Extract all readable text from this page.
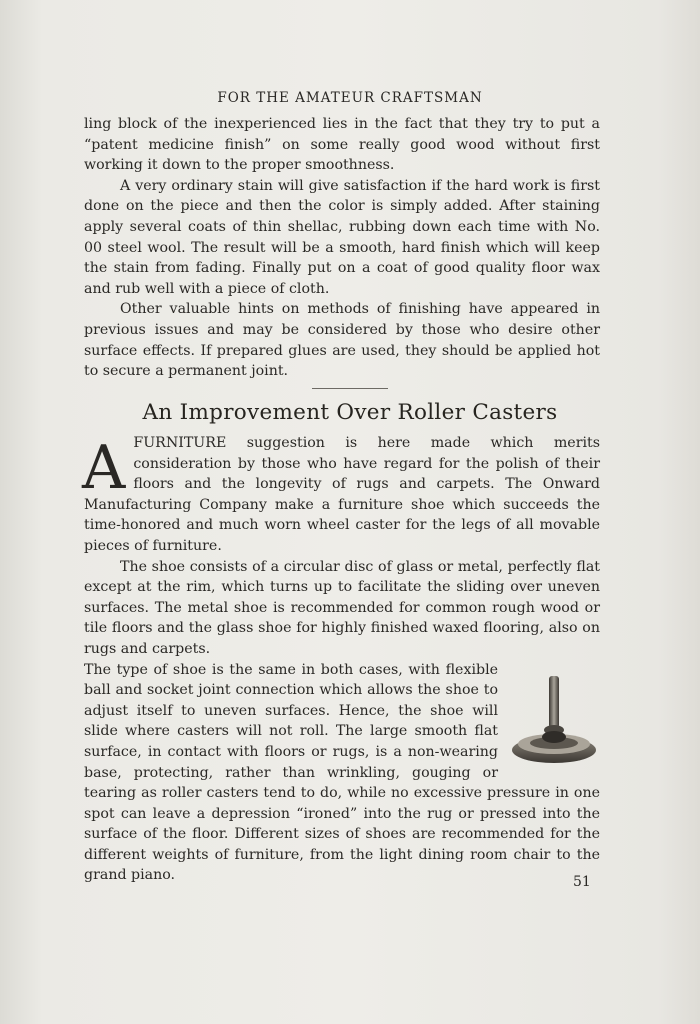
FOR THE AMATEUR CRAFTSMAN

ling block of the inexperienced lies in the fact that they try to put a “patent medicine finish” on some really good wood without first working it down to the proper smoothness.

A very ordinary stain will give satisfaction if the hard work is first done on the piece and then the color is simply added. After staining apply several coats of thin shellac, rubbing down each time with No. 00 steel wool. The result will be a smooth, hard finish which will keep the stain from fading. Finally put on a coat of good quality floor wax and rub well with a piece of cloth.

Other valuable hints on methods of finishing have appeared in previous issues and may be considered by those who desire other surface effects. If prepared glues are used, they should be applied hot to secure a permanent joint.

An Improvement Over Roller Casters

AFURNITURE suggestion is here made which merits consideration by those who have regard for the polish of their floors and the longevity of rugs and carpets. The Onward Manufacturing Company make a furniture shoe which succeeds the time-honored and much worn wheel caster for the legs of all movable pieces of furniture.

The shoe consists of a circular disc of glass or metal, perfectly flat except at the rim, which turns up to facilitate the sliding over uneven surfaces. The metal shoe is recommended for common rough wood or tile floors and the glass shoe for highly finished waxed flooring, also on rugs and carpets.

The type of shoe is the same in both cases, with flexible ball and socket joint connection which allows the shoe to adjust itself to uneven surfaces. Hence, the shoe will slide where casters will not roll. The large smooth flat surface, in contact with floors or rugs, is a non-wearing base, protecting, rather than wrinkling, gouging or tearing as roller casters tend to do, while no excessive pressure in one spot can leave a depression “ironed” into the rug or pressed into the surface of the floor. Different sizes of shoes are recommended for the different weights of furniture, from the light dining room chair to the grand piano.	51
